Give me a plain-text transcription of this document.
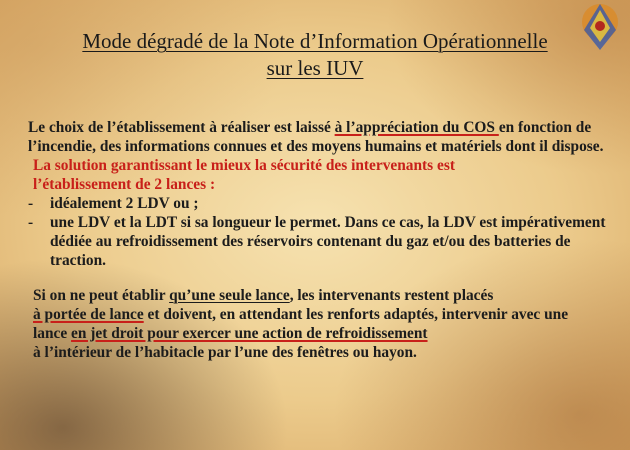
Mode dégradé de la Note d’Information Opérationnelle
sur les IUV

Le choix de l’établissement à réaliser est laissé à l’appréciation du COS en fonction de l’incendie, des informations connues et des moyens humains et matériels dont il dispose.

La solution garantissant le mieux la sécurité des intervenants est
l’établissement de 2 lances :

- idéalement 2 LDV ou ;
- une LDV et la LDT si sa longueur le permet. Dans ce cas, la LDV est impérativement dédiée au refroidissement des réservoirs contenant du gaz et/ou des batteries de traction.

Si on ne peut établir qu’une seule lance, les intervenants restent placés
à portée de lance et doivent, en attendant les renforts adaptés, intervenir avec une lance en jet droit pour exercer une action de refroidissement
à l’intérieur de l’habitacle par l’une des fenêtres ou hayon.
